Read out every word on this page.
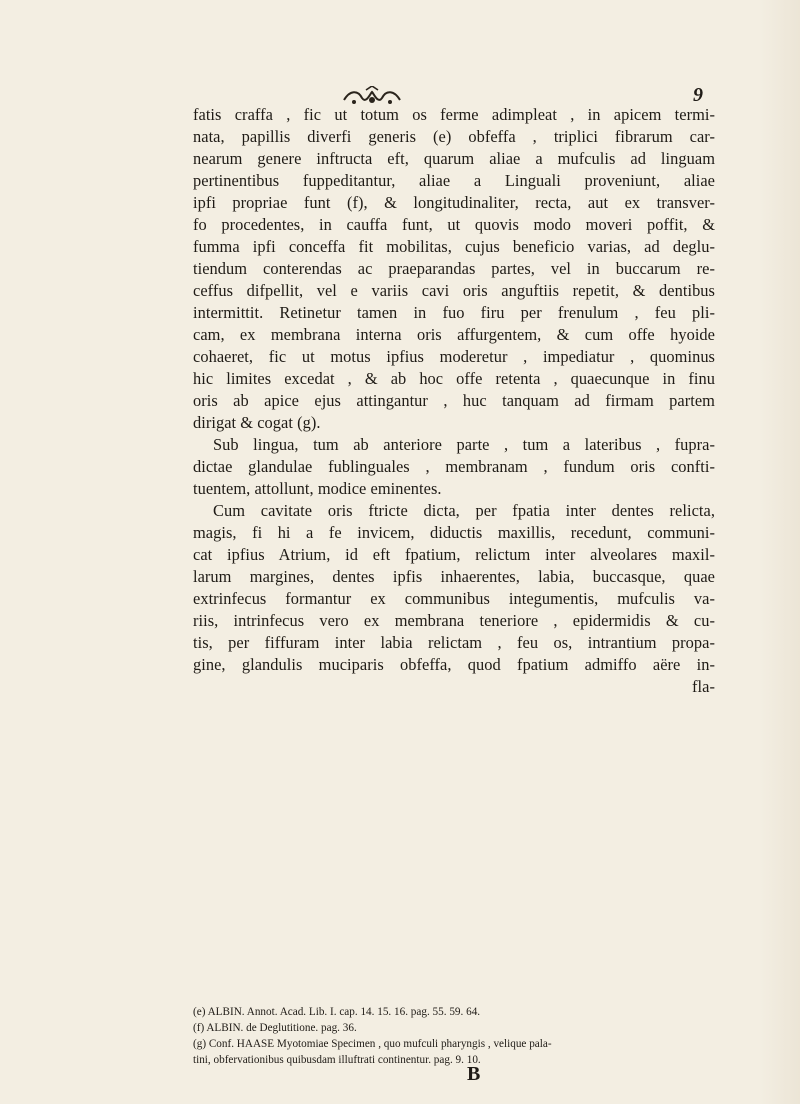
9
fatis craffa , fic ut totum os ferme adimpleat , in apicem termi-
nata, papillis diverfi generis (e) obfeffa , triplici fibrarum car-
nearum genere inftructa eft, quarum aliae a mufculis ad linguam
pertinentibus fuppeditantur, aliae a Linguali proveniunt, aliae
ipfi propriae funt (f), & longitudinaliter, recta, aut ex transver-
fo procedentes, in cauffa funt, ut quovis modo moveri poffit, &
fumma ipfi conceffa fit mobilitas, cujus beneficio varias, ad deglu-
tiendum conterendas ac praeparandas partes, vel in buccarum re-
ceffus difpellit, vel e variis cavi oris anguftiis repetit, & dentibus
intermittit. Retinetur tamen in fuo firu per frenulum , feu pli-
cam, ex membrana interna oris affurgentem, & cum offe hyoide
cohaeret, fic ut motus ipfius moderetur , impediatur , quominus
hic limites excedat , & ab hoc offe retenta , quaecunque in finu
oris ab apice ejus attingantur , huc tanquam ad firmam partem
dirigat & cogat (g).
Sub lingua, tum ab anteriore parte , tum a lateribus , fupra-
dictae glandulae fublinguales , membranam , fundum oris confti-
tuentem, attollunt, modice eminentes.
Cum cavitate oris ftricte dicta, per fpatia inter dentes relicta,
magis, fi hi a fe invicem, diductis maxillis, recedunt, communi-
cat ipfius Atrium, id eft fpatium, relictum inter alveolares maxil-
larum margines, dentes ipfis inhaerentes, labia, buccasque, quae
extrinfecus formantur ex communibus integumentis, mufculis va-
riis, intrinfecus vero ex membrana teneriore , epidermidis & cu-
tis, per fiffuram inter labia relictam , feu os, intrantium propa-
gine, glandulis muciparis obfeffa, quod fpatium admiffo aëre in-
fla-
(e) ALBIN. Annot. Acad. Lib. I. cap. 14. 15. 16. pag. 55. 59. 64.
(f) ALBIN. de Deglutitione. pag. 36.
(g) Conf. HAASE Myotomiae Specimen , quo mufculi pharyngis , velique pala-
tini, obfervationibus quibusdam illuftrati continentur. pag. 9. 10.
B
